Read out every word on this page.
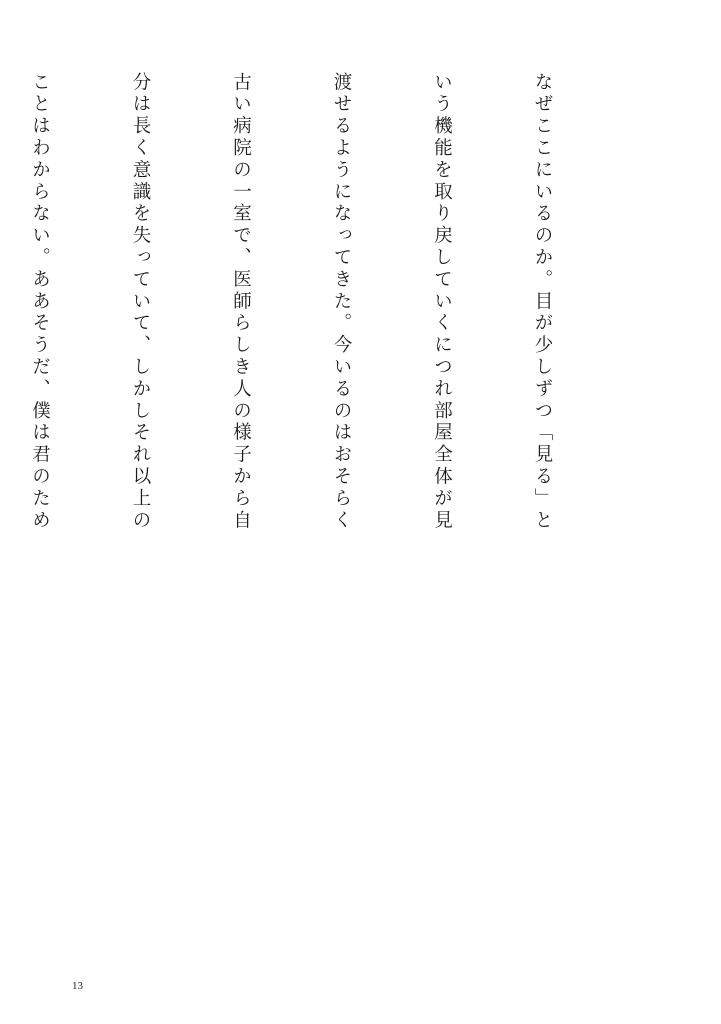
なぜここにいるのか。目が少しずつ「見る」と

いう機能を取り戻していくにつれ部屋全体が見

渡せるようになってきた。今いるのはおそらく

古い病院の一室で、医師らしき人の様子から自

分は長く意識を失っていて、しかしそれ以上の

ことはわからない。ああそうだ、僕は君のため

13
